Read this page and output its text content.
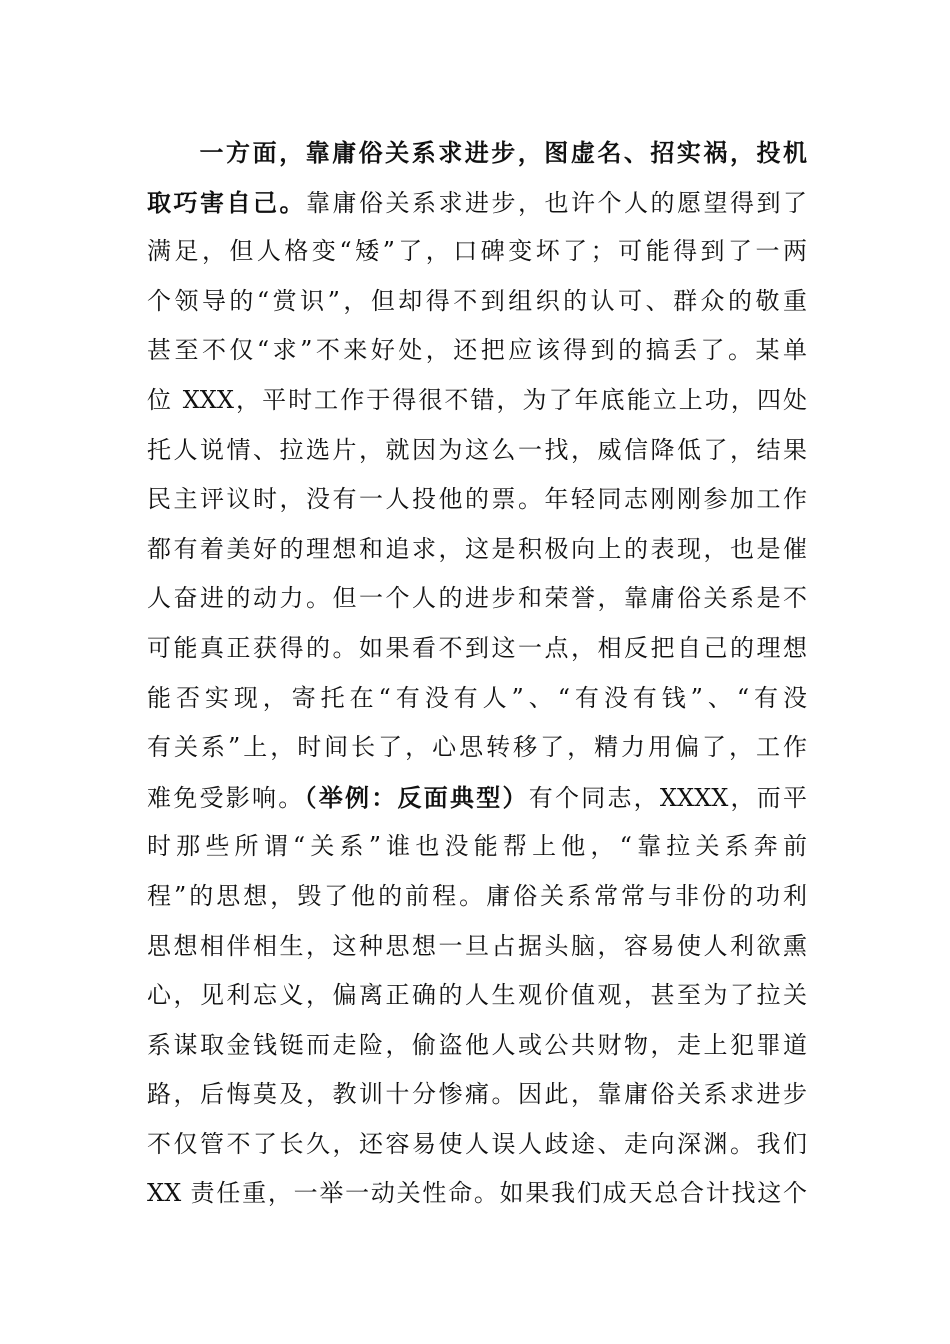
一方面，靠庸俗关系求进步，图虚名、招实祸，投机
取巧害自己。靠庸俗关系求进步，也许个人的愿望得到了
满足，但人格变“矮”了，口碑变坏了；可能得到了一两
个领导的“赏识”，但却得不到组织的认可、群众的敬重
甚至不仅“求”不来好处，还把应该得到的搞丢了。某单
位 XXX，平时工作于得很不错，为了年底能立上功，四处
托人说情、拉选片，就因为这么一找，威信降低了，结果
民主评议时，没有一人投他的票。年轻同志刚刚参加工作
都有着美好的理想和追求，这是积极向上的表现，也是催
人奋进的动力。但一个人的进步和荣誉，靠庸俗关系是不
可能真正获得的。如果看不到这一点，相反把自己的理想
能否实现，寄托在“有没有人”、“有没有钱”、“有没
有关系”上，时间长了，心思转移了，精力用偏了，工作
难免受影响。（举例：反面典型）有个同志，XXXX，而平
时那些所谓“关系”谁也没能帮上他，“靠拉关系奔前
程”的思想，毁了他的前程。庸俗关系常常与非份的功利
思想相伴相生，这种思想一旦占据头脑，容易使人利欲熏
心，见利忘义，偏离正确的人生观价值观，甚至为了拉关
系谋取金钱铤而走险，偷盗他人或公共财物，走上犯罪道
路，后悔莫及，教训十分惨痛。因此，靠庸俗关系求进步
不仅管不了长久，还容易使人误人歧途、走向深渊。我们
XX 责任重，一举一动关性命。如果我们成天总合计找这个
